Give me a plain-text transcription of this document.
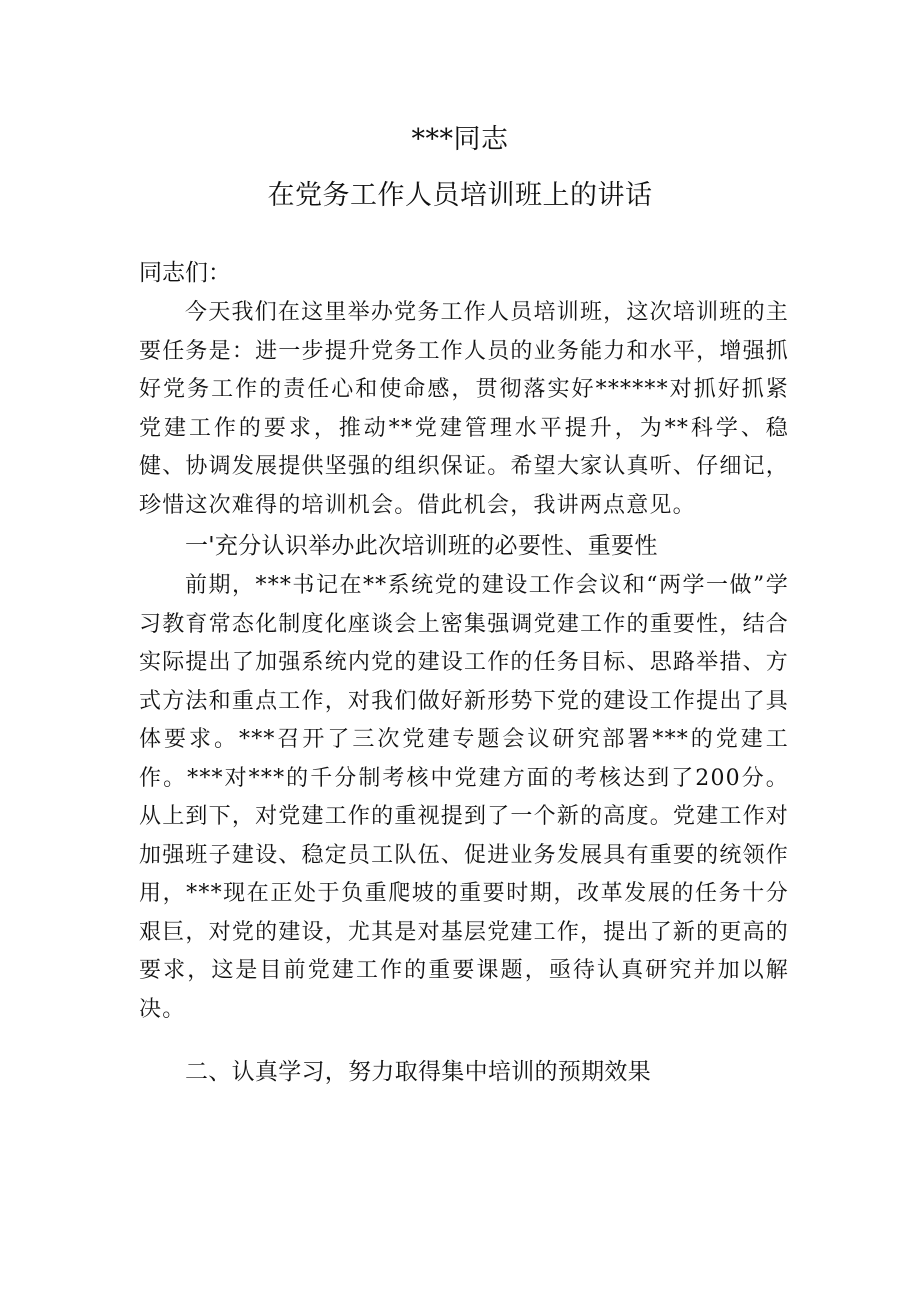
***同志
在党务工作人员培训班上的讲话

同志们：

今天我们在这里举办党务工作人员培训班，这次培训班的主要任务是：进一步提升党务工作人员的业务能力和水平，增强抓好党务工作的责任心和使命感，贯彻落实好******对抓好抓紧党建工作的要求，推动**党建管理水平提升，为**科学、稳健、协调发展提供坚强的组织保证。希望大家认真听、仔细记，珍惜这次难得的培训机会。借此机会，我讲两点意见。

一'充分认识举办此次培训班的必要性、重要性

前期，***书记在**系统党的建设工作会议和“两学一做”学习教育常态化制度化座谈会上密集强调党建工作的重要性，结合实际提出了加强系统内党的建设工作的任务目标、思路举措、方式方法和重点工作，对我们做好新形势下党的建设工作提出了具体要求。***召开了三次党建专题会议研究部署***的党建工作。***对***的千分制考核中党建方面的考核达到了200分。从上到下，对党建工作的重视提到了一个新的高度。党建工作对加强班子建设、稳定员工队伍、促进业务发展具有重要的统领作用，***现在正处于负重爬坡的重要时期，改革发展的任务十分艰巨，对党的建设，尤其是对基层党建工作，提出了新的更高的要求，这是目前党建工作的重要课题，亟待认真研究并加以解决。

二、认真学习，努力取得集中培训的预期效果
